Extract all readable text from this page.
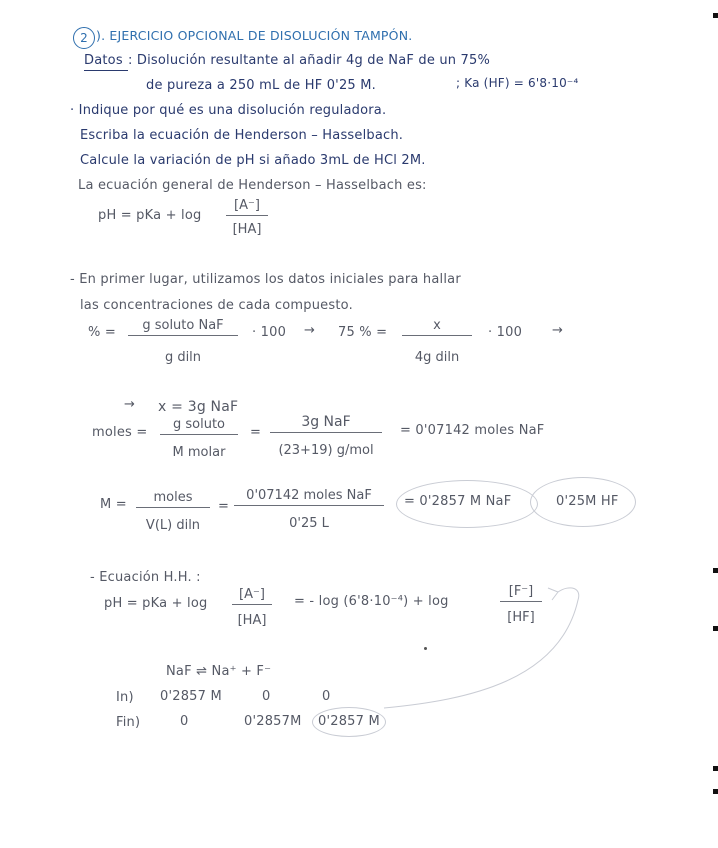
2 ). EJERCICIO OPCIONAL DE DISOLUCIÓN TAMPÓN.
Datos : Disolución resultante al añadir 4g de NaF de un 75%
de pureza a 250 mL de HF 0'25 M.	; Ka (HF) = 6'8·10⁻⁴
· Indique por qué es una disolución reguladora.
Escriba la ecuación de Henderson – Hasselbach.
Calcule la variación de pH si añado 3mL de HCl 2M.
La ecuación general de Henderson – Hasselbach es:
pH = pKa + $\log \frac{[A^-]}{[HA]}$
- En primer lugar, utilizamos los datos iniciales para hallar
las concentraciones de cada compuesto.
% =	g soluto NaF
g diln
· 100 → 75 % = $\frac{x}{\text{4g diln}} \cdot 100$ →
→ x = 3g NaF
moles =
g soluto
M molar
=
3g NaF
(23+19) g/mol
= 0'07142 moles NaF
M =	moles
V(L) diln
=
0'07142 moles NaF
0'25 L
= 0'2857 M NaF	0'25M HF
- Ecuación H.H. :
pH = pKa + $\log \frac{[A^-]}{[HA]}$ = - log (6'8·10⁻⁴) + log	$\frac{[F^-]}{[HF]}$
NaF ⇌ Na⁺ + F⁻
In) 0'2857 M	0	0
Fin)	0	0'2857M 0'2857 M
